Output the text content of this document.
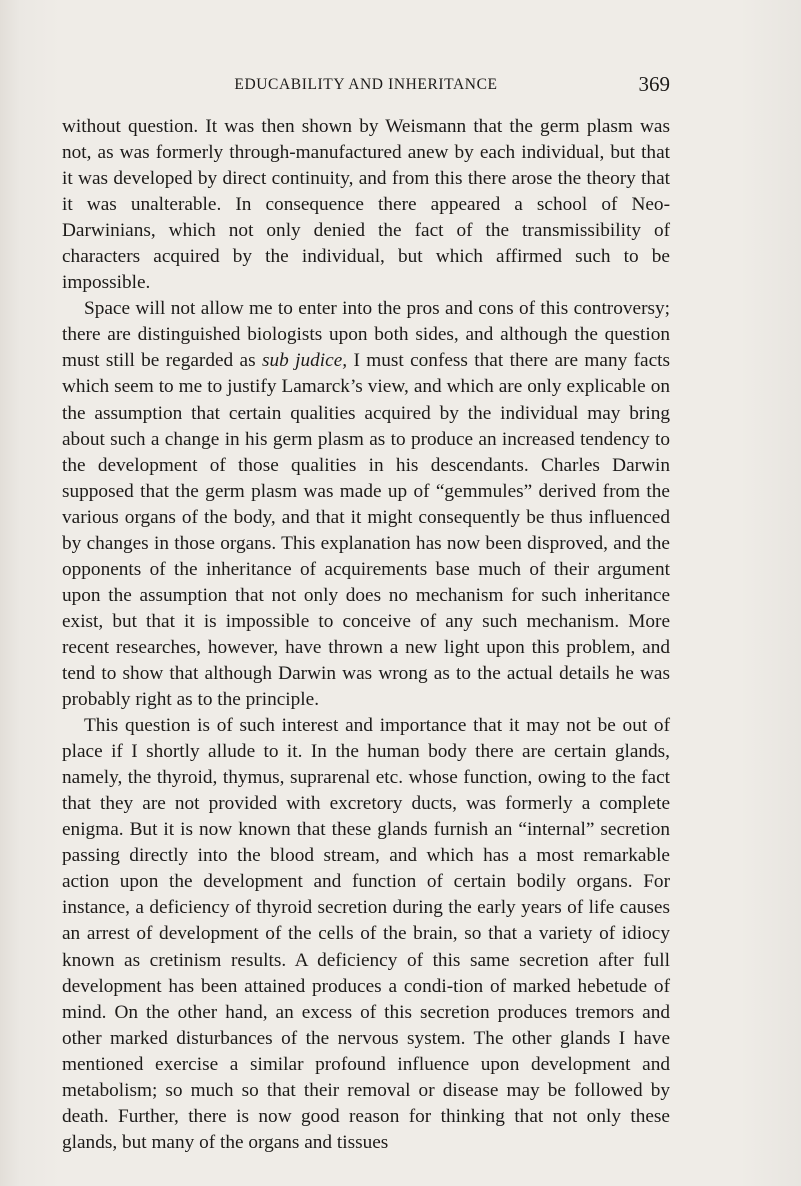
EDUCABILITY AND INHERITANCE	369

without question. It was then shown by Weismann that the germ plasm was not, as was formerly through-manufactured anew by each individual, but that it was developed by direct continuity, and from this there arose the theory that it was unalterable. In consequence there appeared a school of Neo-Darwinians, which not only denied the fact of the transmissibility of characters acquired by the individual, but which affirmed such to be impossible.

Space will not allow me to enter into the pros and cons of this controversy; there are distinguished biologists upon both sides, and although the question must still be regarded as sub judice, I must confess that there are many facts which seem to me to justify Lamarck’s view, and which are only explicable on the assumption that certain qualities acquired by the individual may bring about such a change in his germ plasm as to produce an increased tendency to the development of those qualities in his descendants. Charles Darwin supposed that the germ plasm was made up of “gemmules” derived from the various organs of the body, and that it might consequently be thus influenced by changes in those organs. This explanation has now been disproved, and the opponents of the inheritance of acquirements base much of their argument upon the assumption that not only does no mechanism for such inheritance exist, but that it is impossible to conceive of any such mechanism. More recent researches, however, have thrown a new light upon this problem, and tend to show that although Darwin was wrong as to the actual details he was probably right as to the principle.

This question is of such interest and importance that it may not be out of place if I shortly allude to it. In the human body there are certain glands, namely, the thyroid, thymus, suprarenal etc. whose function, owing to the fact that they are not provided with excretory ducts, was formerly a complete enigma. But it is now known that these glands furnish an “internal” secretion passing directly into the blood stream, and which has a most remarkable action upon the development and function of certain bodily organs. For instance, a deficiency of thyroid secretion during the early years of life causes an arrest of development of the cells of the brain, so that a variety of idiocy known as cretinism results. A deficiency of this same secretion after full development has been attained produces a condi-tion of marked hebetude of mind. On the other hand, an excess of this secretion produces tremors and other marked disturbances of the nervous system. The other glands I have mentioned exercise a similar profound influence upon development and metabolism; so much so that their removal or disease may be followed by death. Further, there is now good reason for thinking that not only these glands, but many of the organs and tissues
